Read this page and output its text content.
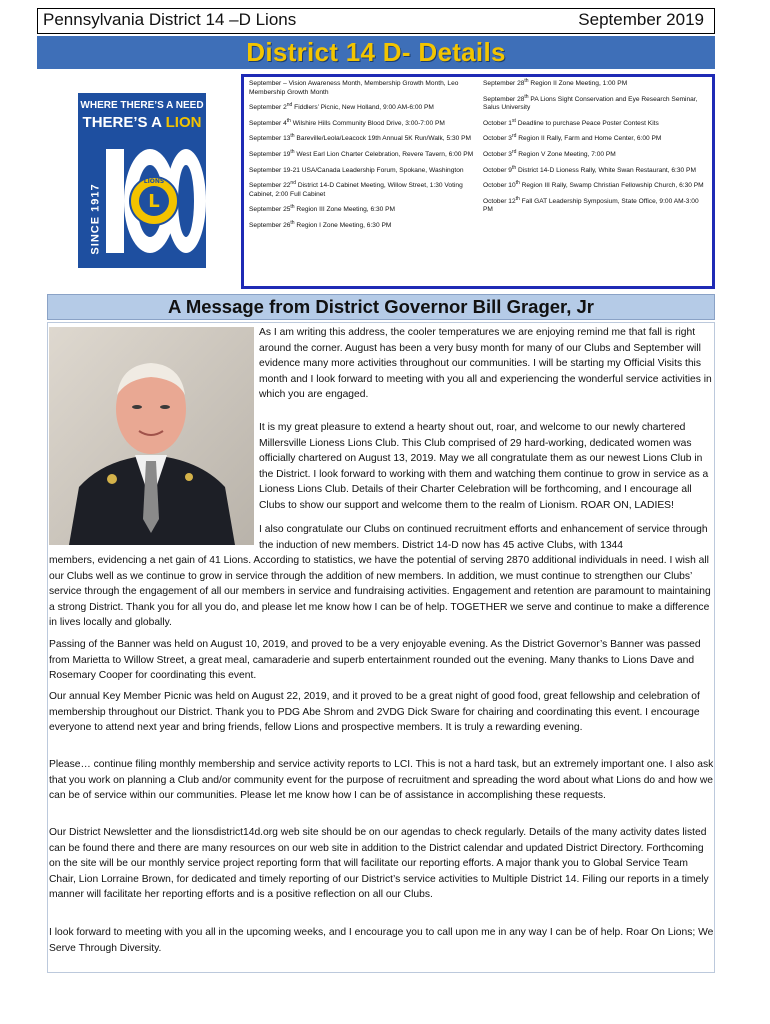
Pennsylvania District 14 –D Lions	September 2019
District 14 D- Details
WHERE THERE’S A NEED
THERE’S A LION
SINCE 1917	L
LIONS
September – Vision Awareness Month, Membership Growth Month, Leo Membership Growth Month
September 2nd Fiddlers’ Picnic, New Holland, 9:00 AM-6:00 PM
September 4th Wilshire Hills Community Blood Drive, 3:00-7:00 PM
September 13th Bareville/Leola/Leacock 19th Annual 5K Run/Walk, 5:30 PM
September 19th West Earl Lion Charter Celebration, Revere Tavern, 6:00 PM
September 19-21 USA/Canada Leadership Forum, Spokane, Washington
September 22nd District 14-D Cabinet Meeting, Willow Street, 1:30 Voting Cabinet, 2:00 Full Cabinet
September 25th Region III Zone Meeting, 6:30 PM
September 26th Region I Zone Meeting, 6:30 PM
September 28th Region II Zone Meeting, 1:00 PM
September 28th PA Lions Sight Conservation and Eye Research Seminar, Salus University
October 1st Deadline to purchase Peace Poster Contest Kits
October 3rd Region II Rally, Farm and Home Center, 6:00 PM
October 3rd Region V Zone Meeting, 7:00 PM
October 9th District 14-D Lioness Rally, White Swan Restaurant, 6:30 PM
October 10th Region III Rally, Swamp Christian Fellowship Church, 6:30 PM
October 12th Fall GAT Leadership Symposium, State Office, 9:00 AM-3:00 PM
A Message from District Governor Bill Grager, Jr

As I am writing this address, the cooler temperatures we are enjoying remind me that fall is right around the corner. August has been a very busy month for many of our Clubs and September will evidence many more activities throughout our communities. I will be starting my Official Visits this month and I look forward to meeting with you all and experiencing the wonderful service activities in which you are engaged.

It is my great pleasure to extend a hearty shout out, roar, and welcome to our newly chartered Millersville Lioness Lions Club. This Club comprised of 29 hard-working, dedicated women was officially chartered on August 13, 2019. May we all congratulate them as our newest Lions Club in the District. I look forward to working with them and watching them continue to grow in service as a Lioness Lions Club. Details of their Charter Celebration will be forthcoming, and I encourage all Clubs to show our support and welcome them to the realm of Lionism. ROAR ON, LADIES!

I also congratulate our Clubs on continued recruitment efforts and enhancement of service through the induction of new members. District 14-D now has 45 active Clubs, with 1344

members, evidencing a net gain of 41 Lions. According to statistics, we have the potential of serving 2870 additional individuals in need. I wish all our Clubs well as we continue to grow in service through the addition of new members. In addition, we must continue to strengthen our Clubs’ service through the engagement of all our members in service and fundraising activities. Engagement and retention are paramount to maintaining a strong District. Thank you for all you do, and please let me know how I can be of help. TOGETHER we serve and continue to make a difference in lives locally and globally.

Passing of the Banner was held on August 10, 2019, and proved to be a very enjoyable evening. As the District Governor’s Banner was passed from Marietta to Willow Street, a great meal, camaraderie and superb entertainment rounded out the evening. Many thanks to Lions Dave and Rosemary Cooper for coordinating this event.

Our annual Key Member Picnic was held on August 22, 2019, and it proved to be a great night of good food, great fellowship and celebration of membership throughout our District. Thank you to PDG Abe Shrom and 2VDG Dick Sware for chairing and coordinating this event. I encourage everyone to attend next year and bring friends, fellow Lions and prospective members. It is truly a rewarding evening.

Please… continue filing monthly membership and service activity reports to LCI. This is not a hard task, but an extremely important one. I also ask that you work on planning a Club and/or community event for the purpose of recruitment and spreading the word about what Lions do and how we can be of service within our communities. Please let me know how I can be of assistance in accomplishing these requests.

Our District Newsletter and the lionsdistrict14d.org web site should be on our agendas to check regularly. Details of the many activity dates listed can be found there and there are many resources on our web site in addition to the District calendar and updated District Directory. Forthcoming on the site will be our monthly service project reporting form that will facilitate our reporting efforts. A major thank you to Global Service Team Chair, Lion Lorraine Brown, for dedicated and timely reporting of our District’s service activities to Multiple District 14. Filing our reports in a timely manner will facilitate her reporting efforts and is a positive reflection on all our Clubs.

I look forward to meeting with you all in the upcoming weeks, and I encourage you to call upon me in any way I can be of help. Roar On Lions; We Serve Through Diversity.
